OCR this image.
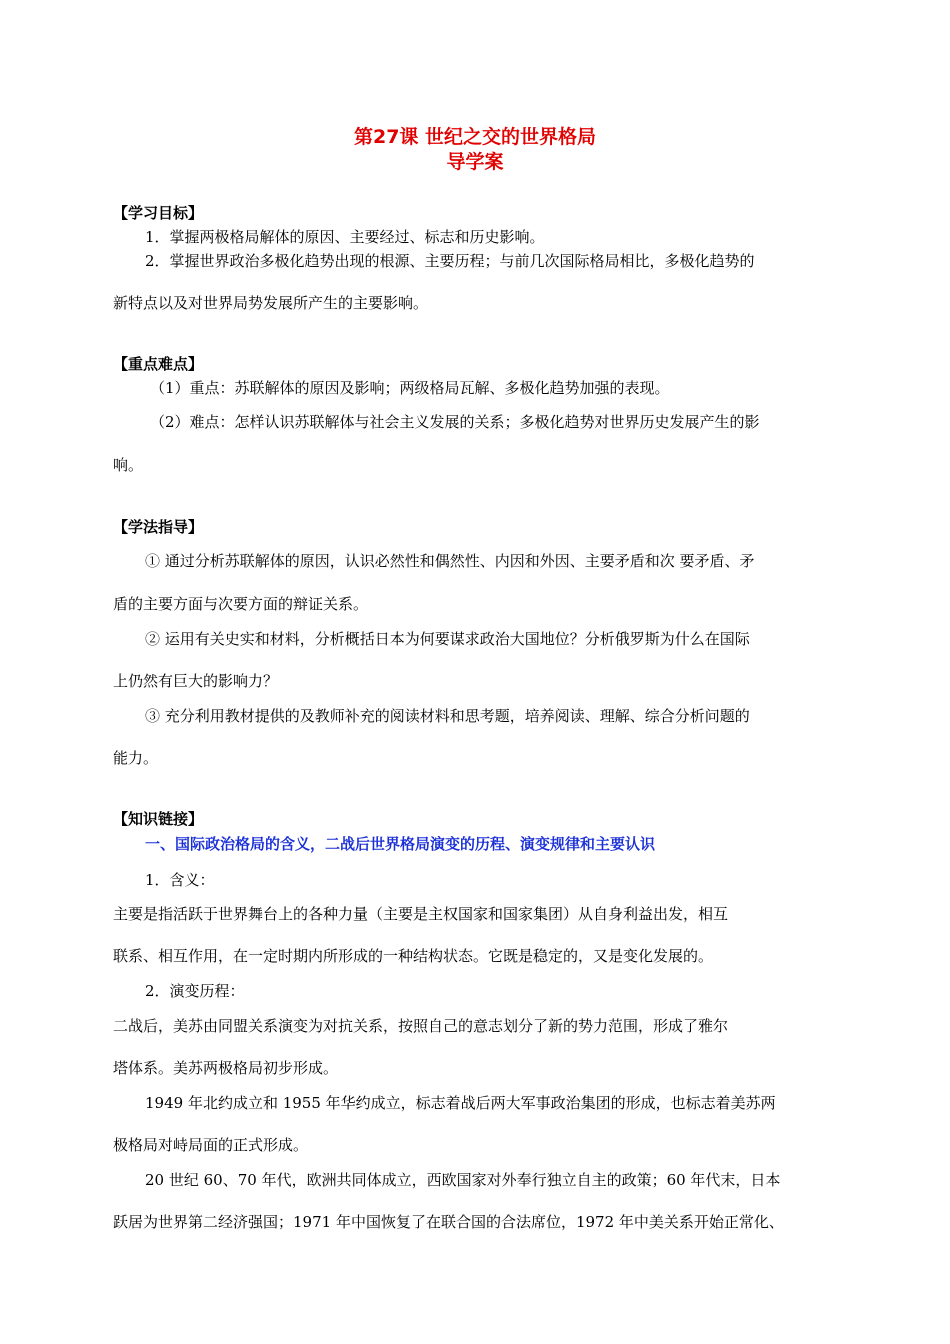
第27课 世纪之交的世界格局
导学案
【学习目标】
1．掌握两极格局解体的原因、主要经过、标志和历史影响。
2．掌握世界政治多极化趋势出现的根源、主要历程；与前几次国际格局相比，多极化趋势的
新特点以及对世界局势发展所产生的主要影响。
【重点难点】
（1）重点：苏联解体的原因及影响；两级格局瓦解、多极化趋势加强的表现。
（2）难点：怎样认识苏联解体与社会主义发展的关系；多极化趋势对世界历史发展产生的影
响。
【学法指导】
① 通过分析苏联解体的原因，认识必然性和偶然性、内因和外因、主要矛盾和次 要矛盾、矛
盾的主要方面与次要方面的辩证关系。
② 运用有关史实和材料，分析概括日本为何要谋求政治大国地位？分析俄罗斯为什么在国际
上仍然有巨大的影响力？
③ 充分利用教材提供的及教师补充的阅读材料和思考题，培养阅读、理解、综合分析问题的
能力。
【知识链接】
一、国际政治格局的含义，二战后世界格局演变的历程、演变规律和主要认识
1．含义：
主要是指活跃于世界舞台上的各种力量（主要是主权国家和国家集团）从自身利益出发，相互
联系、相互作用，在一定时期内所形成的一种结构状态。它既是稳定的，又是变化发展的。
2．演变历程：
二战后，美苏由同盟关系演变为对抗关系，按照自己的意志划分了新的势力范围，形成了雅尔
塔体系。美苏两极格局初步形成。
1949 年北约成立和 1955 年华约成立，标志着战后两大军事政治集团的形成，也标志着美苏两
极格局对峙局面的正式形成。
20 世纪 60、70 年代，欧洲共同体成立，西欧国家对外奉行独立自主的政策；60 年代末，日本
跃居为世界第二经济强国；1971 年中国恢复了在联合国的合法席位，1972 年中美关系开始正常化、
